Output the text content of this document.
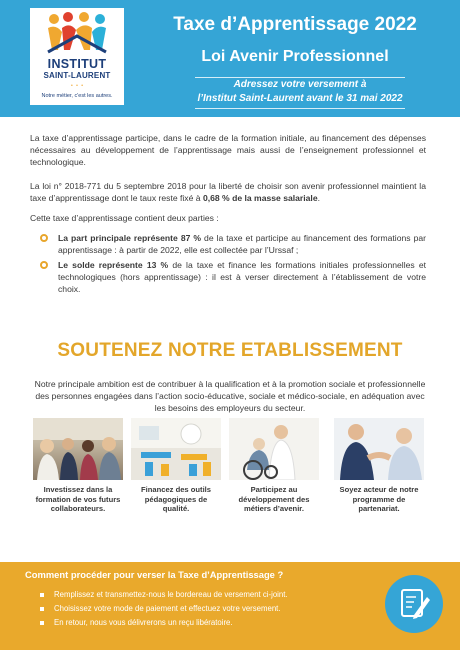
INSTITUT
SAINT-LAURENT
• • •
Notre métier, c'est les autres.
Taxe d’Apprentissage 2022
Loi Avenir Professionnel
Adressez votre versement à
l’Institut Saint-Laurent avant le 31 mai 2022

La taxe d’apprentissage participe, dans le cadre de la formation initiale, au financement des dépenses nécessaires au développement de l’apprentissage mais aussi de l’enseignement professionnel et technologique.

La loi n° 2018-771 du 5 septembre 2018 pour la liberté de choisir son avenir professionnel maintient la taxe d’apprentissage dont le taux reste fixé à 0,68 % de la masse salariale.

Cette taxe d’apprentissage contient deux parties :

La part principale représente 87 % de la taxe et participe au financement des formations par apprentissage : à partir de 2022, elle est collectée par l’Urssaf ;
Le solde représente 13 % de la taxe et finance les formations initiales professionnelles et technologiques (hors apprentissage) : il est à verser directement à l’établissement de votre choix.
SOUTENEZ NOTRE ETABLISSEMENT

Notre principale ambition est de contribuer à la qualification et à la promotion sociale et professionnelle des personnes engagées dans l’action socio-éducative, sociale et médico-sociale, en adéquation avec les besoins des employeurs du secteur.

Investissez dans la formation de vos futurs collaborateurs.
Financez des outils pédagogiques de qualité.
Participez au développement des métiers d’avenir.
Soyez acteur de notre programme de partenariat.
Comment procéder pour verser la Taxe d’Apprentissage ?
Remplissez et transmettez-nous le bordereau de versement ci-joint.
Choisissez votre mode de paiement et effectuez votre versement.
En retour, nous vous délivrerons un reçu libératoire.
